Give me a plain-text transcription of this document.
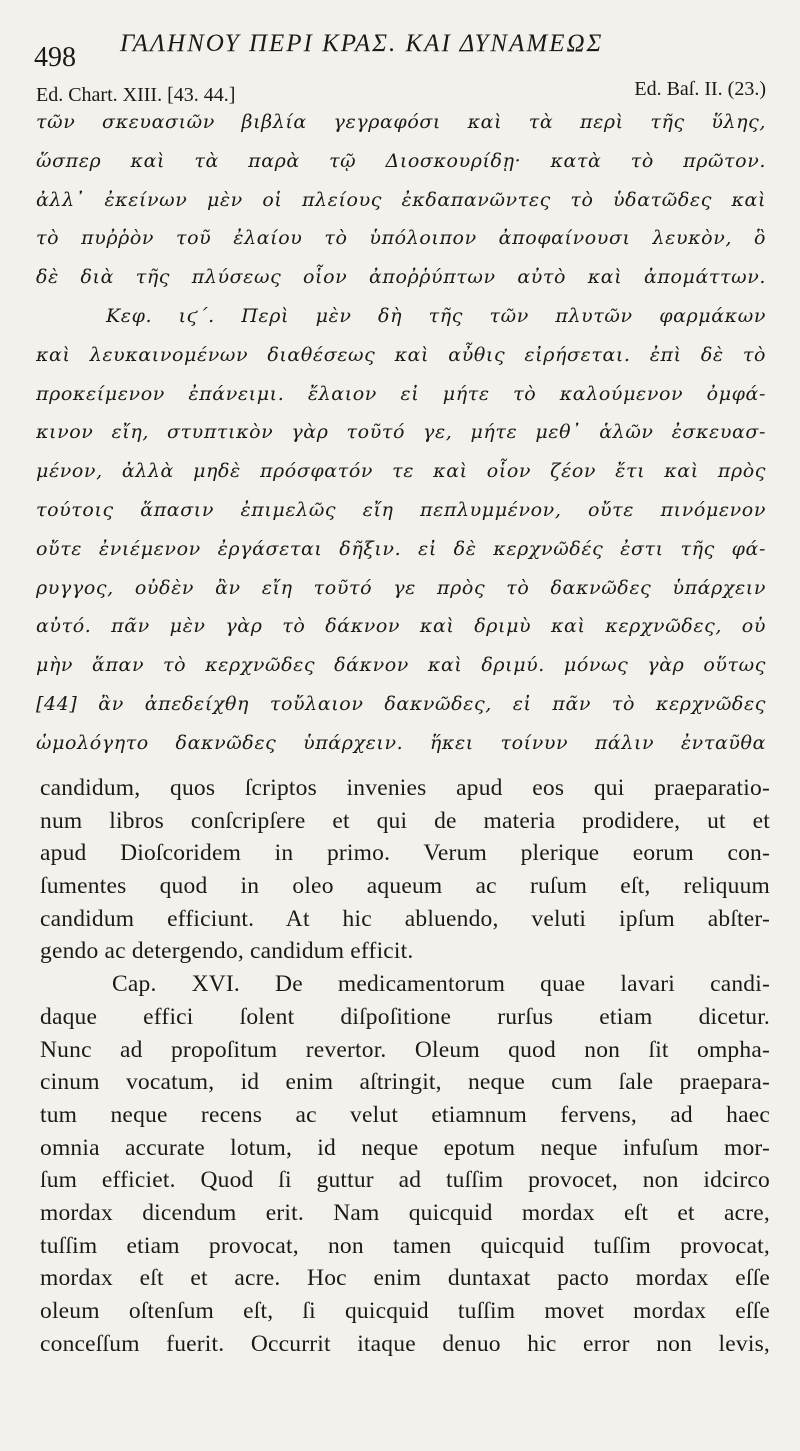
498 ΓΑΛΗΝΟΥ ΠΕΡΙ ΚΡΑΣ. ΚΑΙ ΔΥΝΑΜΕΩΣ
Ed. Chart. XIII. [43. 44.]	Ed. Baſ. II. (23.)
τῶν σκευασιῶν βιβλία γεγραφόσι καὶ τὰ περὶ τῆς ὕλης,
ὥσπερ καὶ τὰ παρὰ τῷ Διοσκουρίδῃ· κατὰ τὸ πρῶτον.
ἀλλ᾽ ἐκείνων μὲν οἱ πλείους ἐκδαπανῶντες τὸ ὑδατῶδες καὶ
τὸ πυῤῥὸν τοῦ ἐλαίου τὸ ὑπόλοιπον ἀποφαίνουσι λευκὸν, ὃ
δὲ διὰ τῆς πλύσεως οἷον ἀποῤῥύπτων αὐτὸ καὶ ἀπομάττων.
Κεφ. ιϛ΄. Περὶ μὲν δὴ τῆς τῶν πλυτῶν φαρμάκων
καὶ λευκαινομένων διαθέσεως καὶ αὖθις εἰρήσεται. ἐπὶ δὲ τὸ
προκείμενον ἐπάνειμι. ἔλαιον εἰ μήτε τὸ καλούμενον ὀμφά-
κινον εἴη, στυπτικὸν γὰρ τοῦτό γε, μήτε μεθ᾽ ἁλῶν ἐσκευασ-
μένον, ἀλλὰ μηδὲ πρόσφατόν τε καὶ οἷον ζέον ἔτι καὶ πρὸς
τούτοις ἅπασιν ἐπιμελῶς εἴη πεπλυμμένον, οὔτε πινόμενον
οὔτε ἐνιέμενον ἐργάσεται δῆξιν. εἰ δὲ κερχνῶδές ἐστι τῆς φά-
ρυγγος, οὐδὲν ἂν εἴη τοῦτό γε πρὸς τὸ δακνῶδες ὑπάρχειν
αὐτό. πᾶν μὲν γὰρ τὸ δάκνον καὶ δριμὺ καὶ κερχνῶδες, οὐ
μὴν ἅπαν τὸ κερχνῶδες δάκνον καὶ δριμύ. μόνως γὰρ οὕτως
[44] ἂν ἀπεδείχθη τοὔλαιον δακνῶδες, εἰ πᾶν τὸ κερχνῶδες
ὡμολόγητο δακνῶδες ὑπάρχειν. ἥκει τοίνυν πάλιν ἐνταῦθα
candidum, quos ſcriptos invenies apud eos qui praeparatio-
num libros conſcripſere et qui de materia prodidere, ut et
apud Dioſcoridem in primo. Verum plerique eorum con-
ſumentes quod in oleo aqueum ac ruſum eſt, reliquum
candidum efficiunt. At hic abluendo, veluti ipſum abſter-
gendo ac detergendo, candidum efficit.
Cap. XVI. De medicamentorum quae lavari candi-
daque effici ſolent diſpoſitione rurſus etiam dicetur.
Nunc ad propoſitum revertor. Oleum quod non ſit ompha-
cinum vocatum, id enim aſtringit, neque cum ſale praepara-
tum neque recens ac velut etiamnum fervens, ad haec
omnia accurate lotum, id neque epotum neque infuſum mor-
ſum efficiet. Quod ſi guttur ad tuſſim provocet, non idcirco
mordax dicendum erit. Nam quicquid mordax eſt et acre,
tuſſim etiam provocat, non tamen quicquid tuſſim provocat,
mordax eſt et acre. Hoc enim duntaxat pacto mordax eſſe
oleum oſtenſum eſt, ſi quicquid tuſſim movet mordax eſſe
conceſſum fuerit. Occurrit itaque denuo hic error non levis,
